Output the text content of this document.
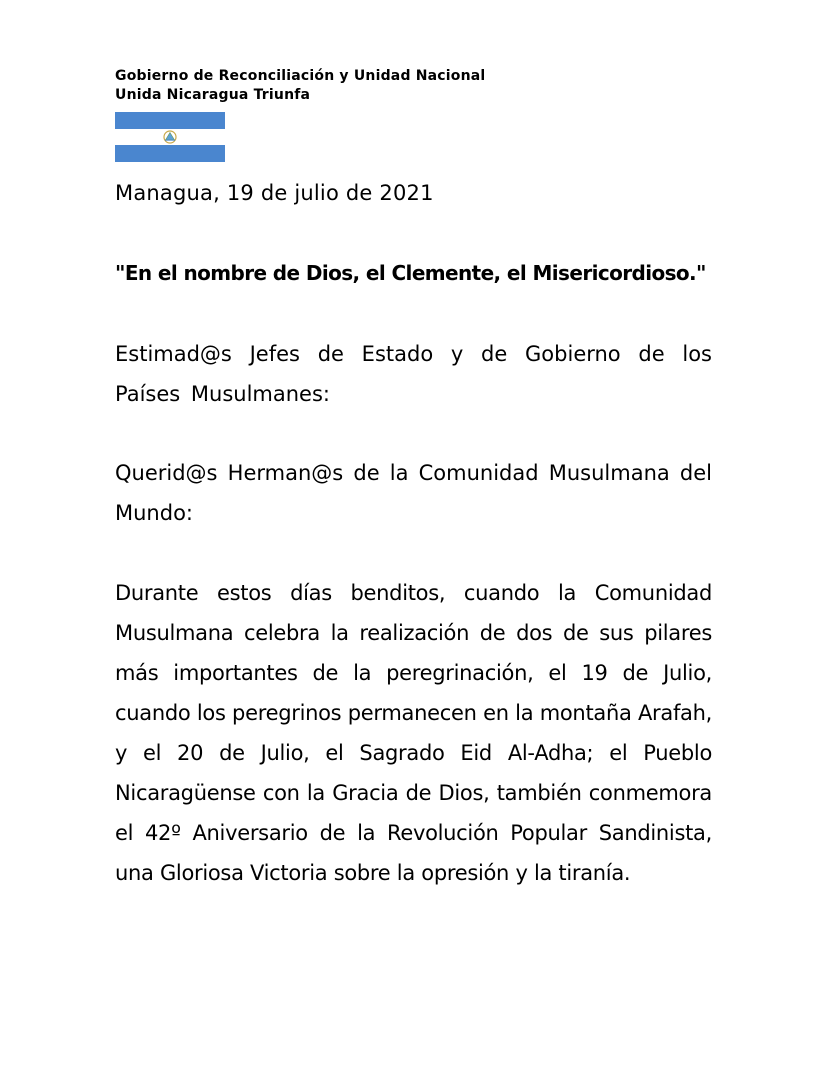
Gobierno de Reconciliación y Unidad Nacional
Unida Nicaragua Triunfa
Managua, 19 de julio de 2021
"En el nombre de Dios, el Clemente, el Misericordioso."

Estimad@s Jefes de Estado y de Gobierno de los Países Musulmanes:

Querid@s Herman@s de la Comunidad Musulmana del Mundo:

Durante estos días benditos, cuando la Comunidad Musulmana celebra la realización de dos de sus pilares más importantes de la peregrinación, el 19 de Julio, cuando los peregrinos permanecen en la montaña Arafah, y el 20 de Julio, el Sagrado Eid Al-Adha; el Pueblo Nicaragüense con la Gracia de Dios, también conmemora el 42º Aniversario de la Revolución Popular Sandinista, una Gloriosa Victoria sobre la opresión y la tiranía.
